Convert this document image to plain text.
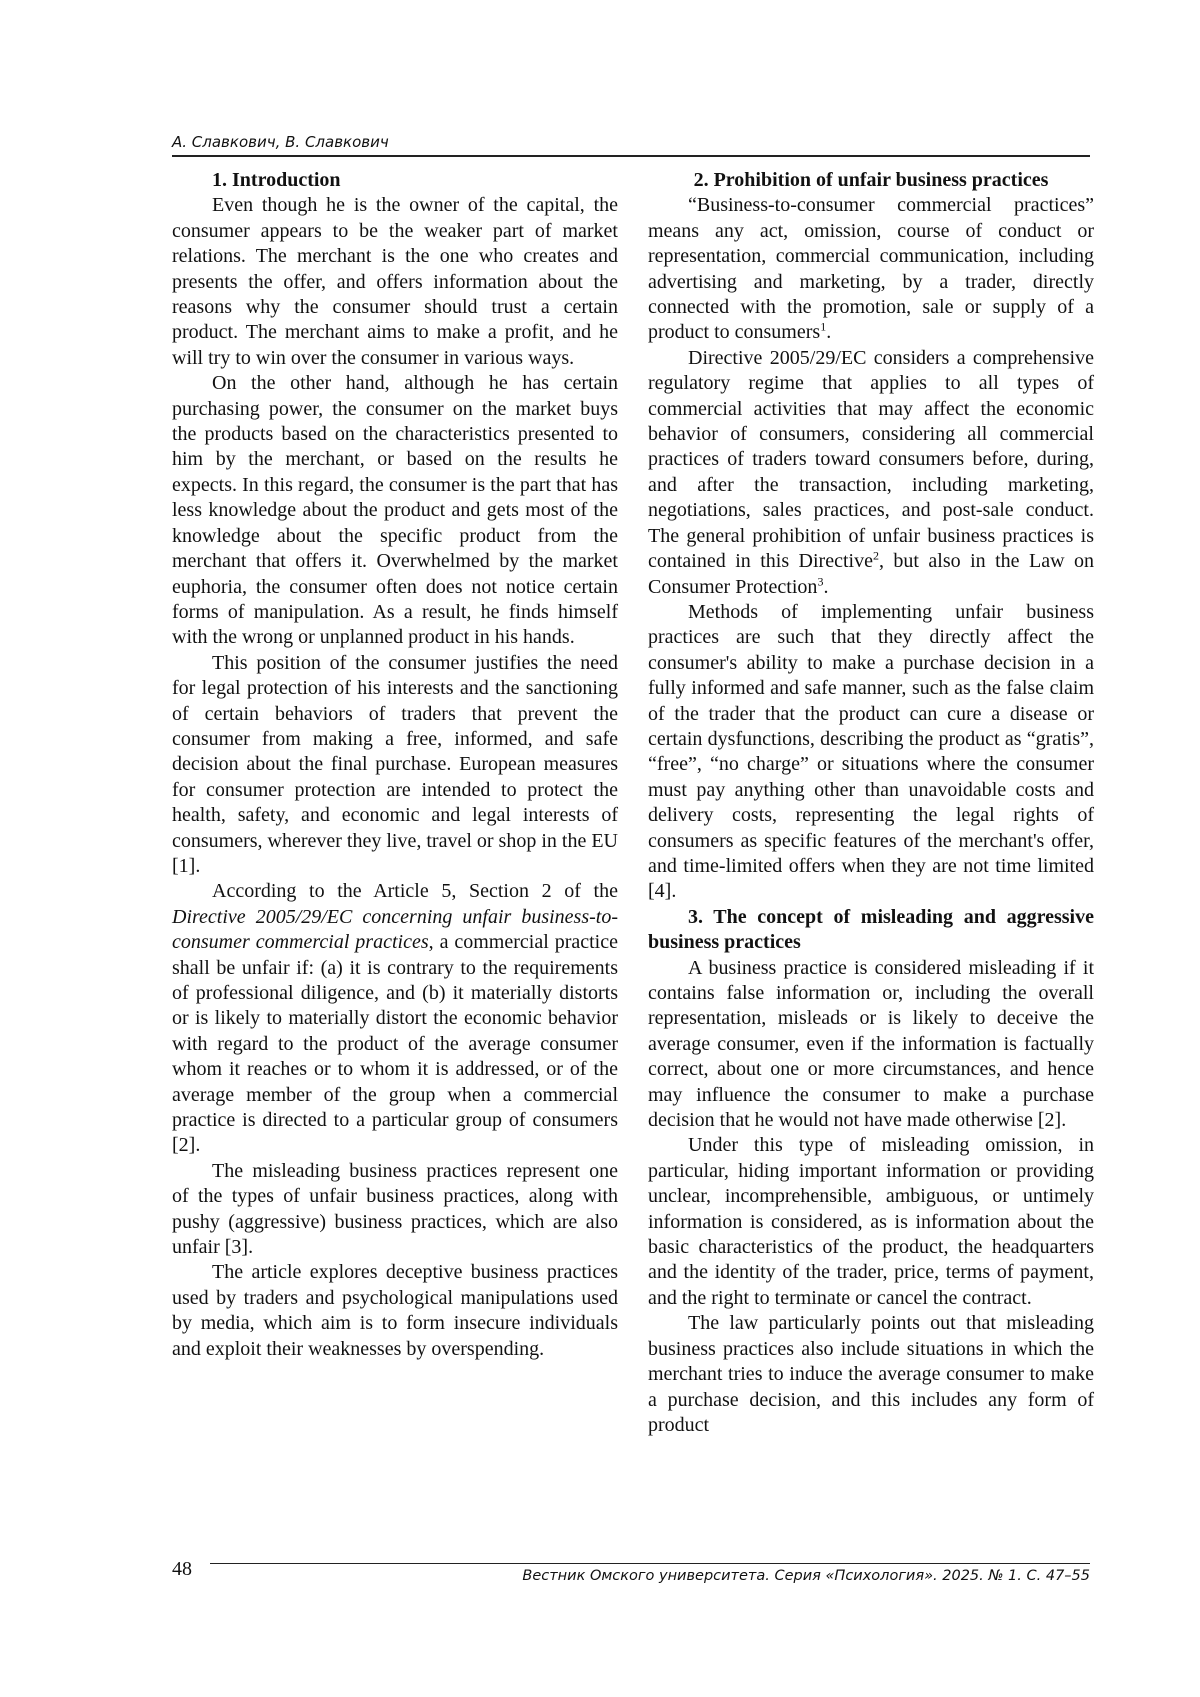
А. Славкович, В. Славкович
1. Introduction

Even though he is the owner of the capital, the consumer appears to be the weaker part of market relations. The merchant is the one who creates and presents the offer, and offers information about the reasons why the consumer should trust a certain product. The merchant aims to make a profit, and he will try to win over the consumer in various ways.

On the other hand, although he has certain purchasing power, the consumer on the market buys the products based on the characteristics presented to him by the merchant, or based on the results he expects. In this regard, the consumer is the part that has less knowledge about the product and gets most of the knowledge about the specific product from the merchant that offers it. Overwhelmed by the market euphoria, the consumer often does not notice certain forms of manipulation. As a result, he finds himself with the wrong or unplanned product in his hands.

This position of the consumer justifies the need for legal protection of his interests and the sanctioning of certain behaviors of traders that prevent the consumer from making a free, informed, and safe decision about the final purchase. European measures for consumer protection are intended to protect the health, safety, and economic and legal interests of consumers, wherever they live, travel or shop in the EU [1].

According to the Article 5, Section 2 of the Directive 2005/29/EC concerning unfair business-to-consumer commercial practices, a commercial practice shall be unfair if: (a) it is contrary to the requirements of professional diligence, and (b) it materially distorts or is likely to materially distort the economic behavior with regard to the product of the average consumer whom it reaches or to whom it is addressed, or of the average member of the group when a commercial practice is directed to a particular group of consumers [2].

The misleading business practices represent one of the types of unfair business practices, along with pushy (aggressive) business practices, which are also unfair [3].

The article explores deceptive business practices used by traders and psychological manipulations used by media, which aim is to form insecure individuals and exploit their weaknesses by overspending.

2. Prohibition of unfair business practices

“Business-to-consumer commercial practices” means any act, omission, course of conduct or representation, commercial communication, including advertising and marketing, by a trader, directly connected with the promotion, sale or supply of a product to consumers$^1$.

Directive 2005/29/EC considers a comprehensive regulatory regime that applies to all types of commercial activities that may affect the economic behavior of consumers, considering all commercial practices of traders toward consumers before, during, and after the transaction, including marketing, negotiations, sales practices, and post-sale conduct. The general prohibition of unfair business practices is contained in this Directive$^2$, but also in the Law on Consumer Protection$^3$.

Methods of implementing unfair business practices are such that they directly affect the consumer's ability to make a purchase decision in a fully informed and safe manner, such as the false claim of the trader that the product can cure a disease or certain dysfunctions, describing the product as “gratis”, “free”, “no charge” or situations where the consumer must pay anything other than unavoidable costs and delivery costs, representing the legal rights of consumers as specific features of the merchant's offer, and time-limited offers when they are not time limited [4].

3. The concept of misleading and aggressive business practices

A business practice is considered misleading if it contains false information or, including the overall representation, misleads or is likely to deceive the average consumer, even if the information is factually correct, about one or more circumstances, and hence may influence the consumer to make a purchase decision that he would not have made otherwise [2].

Under this type of misleading omission, in particular, hiding important information or providing unclear, incomprehensible, ambiguous, or untimely information is considered, as is information about the basic characteristics of the product, the headquarters and the identity of the trader, price, terms of payment, and the right to terminate or cancel the contract.

The law particularly points out that misleading business practices also include situations in which the merchant tries to induce the average consumer to make a purchase decision, and this includes any form of product

48	Вестник Омского университета. Серия «Психология». 2025. № 1. С. 47–55
